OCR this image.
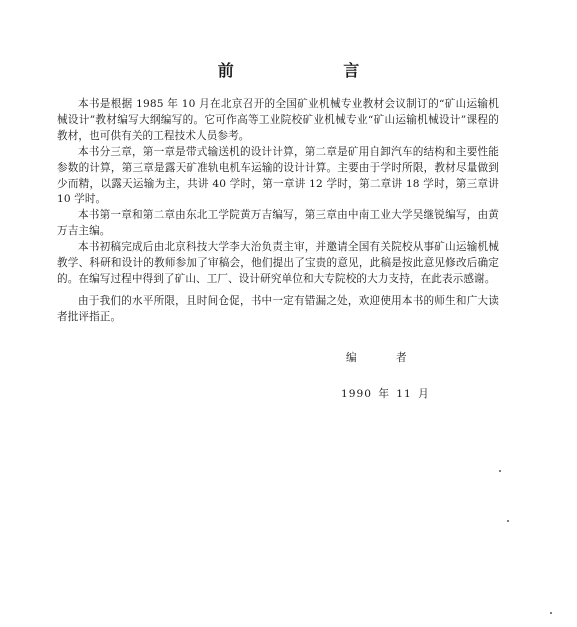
前 言

本书是根据 1985 年 10 月在北京召开的全国矿业机械专业教材会议制订的“矿山运输机械设计”教材编写大纲编写的。它可作高等工业院校矿业机械专业“矿山运输机械设计”课程的教材，也可供有关的工程技术人员参考。

本书分三章，第一章是带式输送机的设计计算，第二章是矿用自卸汽车的结构和主要性能参数的计算，第三章是露天矿准轨电机车运输的设计计算。主要由于学时所限，教材尽量做到少而精，以露天运输为主，共讲 40 学时，第一章讲 12 学时，第二章讲 18 学时，第三章讲 10 学时。

本书第一章和第二章由东北工学院黄万吉编写，第三章由中南工业大学吴继锐编写，由黄万吉主编。

本书初稿完成后由北京科技大学李大治负责主审，并邀请全国有关院校从事矿山运输机械教学、科研和设计的教师参加了审稿会，他们提出了宝贵的意见，此稿是按此意见修改后确定的。在编写过程中得到了矿山、工厂、设计研究单位和大专院校的大力支持，在此表示感谢。

由于我们的水平所限，且时间仓促，书中一定有错漏之处，欢迎使用本书的师生和广大读者批评指正。

编 者
1990 年 11 月
